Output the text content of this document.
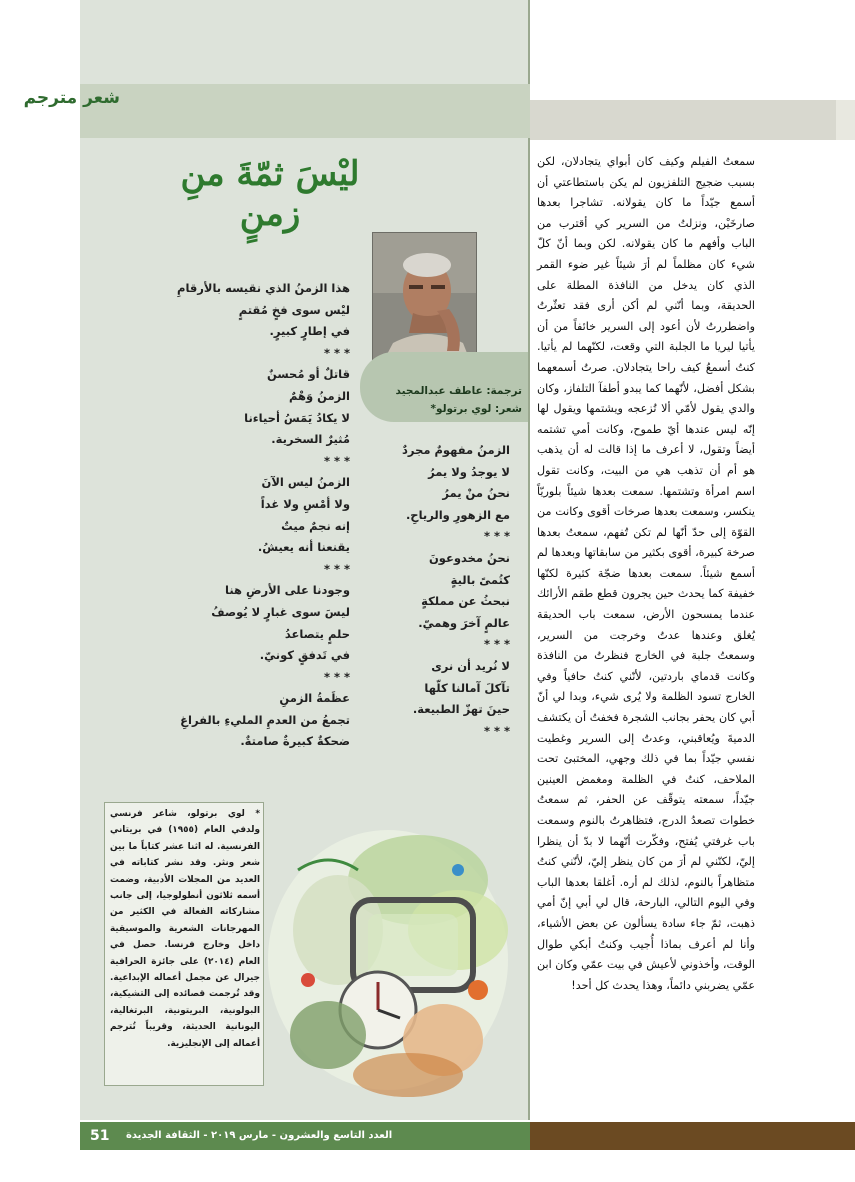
شعر مترجم
ليْسَ ثمّةَ منِ زمنٍ
ترجمة: عاطف عبدالمجيد
شعر: لوي برتولو*
الزمنُ مفهومٌ مجردٌ
لا يوجدُ ولا يمرُ
نحنُ منْ يمرُ
مع الزهورِ والرياحِ.
* * *
نحنُ مخدوعونَ
كتُمىً باليةٍ
نبحثُ عن مملكةٍ
عالمٍ آخرَ وهميّ.
* * *
لا نُريد أن نرى
تآكلَ آمالنا كلّها
حينَ تهزّ الطبيعة.
* * *
هذا الزمنُ الذي نقيسه بالأرقامِ
ليْس سوى فخٍ مُقتمٍ
في إطارٍ كبيرٍ.
* * *
قاتلٌ أو مُحسنٌ
الزمنُ وَهْمٌ
لا يكادُ يَمَسُ أحياءنا
مُثيرٌ السخرية.
* * *
الزمنُ ليس الآنَ
ولا أمْسِ ولا غداً
إنه نجمٌ ميتٌ
يقنعنا أنه يعيشُ.
* * *
وجودنا على الأرضِ هنا
ليسَ سوى غبارٍ لا يُوصفُ
حلمٍ يتصاعدُ
في تَدفقٍ كونيّ.
* * *
عظَمةُ الزمنِ
تجمعُ من العدمِ المليءِ بالفراغِ
ضحكةٌ كبيرةٌ صامتةٌ.
* لوي برتولو، شاعر فرنسي ولدفي العام (١٩٥٥) في بريتاني الفرنسية. له اثنا عشر كتاباً ما بين شعر ونثر. وقد نشر كتاباته في العديد من المجلات الأدبية، وضمت أسمه ثلاثون أنطولوجيا، إلى جانب مشاركاته الفعالة في الكثير من المهرجانات الشعرية والموسيقية داخل وخارج فرنسا. حصل في العام (٢٠١٤) على جائزة الحرافية جيرال عن مجمل أعماله الإبداعية. وقد تُرجمت قصائده إلى التشيكية، البولونية، البريتونية، البرتغالية، اليونانية الحديثة، وقريباً تُترجم أعماله إلى الإنجليزية.
سمعتُ الفيلم وكيف كان أبواي يتجادلان، لكن بسبب ضجيج التلفزيون لم يكن باستطاعتي أن أسمع جيّداً ما كان يقولانه. تشاجرا بعدها صارخَيْن، ونزلتُ من السرير كي أقترب من الباب وأفهم ما كان يقولانه. لكن وبما أنّ كلّ شيء كان مظلماً لم أرَ شيئاً غير ضوء القمر الذي كان يدخل من النافذة المطلة على الحديقة، وبما أنّني لم أكن أرى فقد تعثّرتُ واضطررتُ لأن أعود إلى السرير خائفاً من أن يأتيا ليريا ما الجلبة التي وقعت، لكنّهما لم يأتيا. كنتُ أسمعُ كيف راحا يتجادلان. صرتُ أسمعهما بشكل أفضل، لأنّهما كما يبدو أطفآ التلفاز، وكان والدي يقول لأمّي ألا تُزعجه ويشتمها ويقول لها إنّه ليس عندها أيّ طموح، وكانت أمي تشتمه أيضاً وتقول، لا أعرف ما إذا قالت له أن يذهب هو أم أن تذهب هي من البيت، وكانت تقول اسم امرأة وتشتمها. سمعت بعدها شيئاً بلوريّاً ينكسر، وسمعت بعدها صرخات أقوى وكانت من القوّة إلى حدّ أنّها لم تكن تُفهم، سمعتُ بعدها صرخة كبيرة، أقوى بكثير من سابقاتها وبعدها لم أسمع شيئاً. سمعت بعدها ضجّة كثيرة لكنّها خفيفة كما يحدث حين يجرون قطع طقم الأرائك عندما يمسحون الأرض، سمعت باب الحديقة يُغلق وعندها عدتُ وخرجت من السرير، وسمعتُ جلبة في الخارج فنظرتُ من النافذة وكانت قدماي باردتين، لأنّني كنتُ حافياً وفي الخارج تسود الظلمة ولا يُرى شيء، وبدا لي أنّ أبي كان يحفر بجانب الشجرة فخفتُ أن يكتشف الدميةَ ويُعاقبني، وعدتُ إلى السرير وغطيت نفسي جيّداً بما في ذلك وجهي، المختبئ تحت الملاحف، كنتُ في الظلمة ومغمض العينين جيّداً، سمعته يتوقّف عن الحفر، ثم سمعتُ خطوات تصعدُ الدرج، فتظاهرتُ بالنوم وسمعت باب غرفتي يُفتح، وفكّرت أنّهما لا بدّ أن ينظرا إليّ، لكنّني لم أرَ من كان ينظر إليّ، لأنّني كنتُ متظاهراً بالنوم، لذلك لم أره. أغلقا بعدها الباب وفي اليوم التالي، البارحة، قال لي أبي إنّ أمي ذهبت، ثمّ جاء سادة يسألون عن بعض الأشياء، وأنا لم أعرف بماذا أُجيب وكنتُ أبكي طوال الوقت، وأخذوني لأعيش في بيت عمّي وكان ابن عمّي يضربني دائماً، وهذا يحدث كل أحد!
51	العدد التاسع والعشرون - مارس ٢٠١٩ - الثقافة الجديدة
